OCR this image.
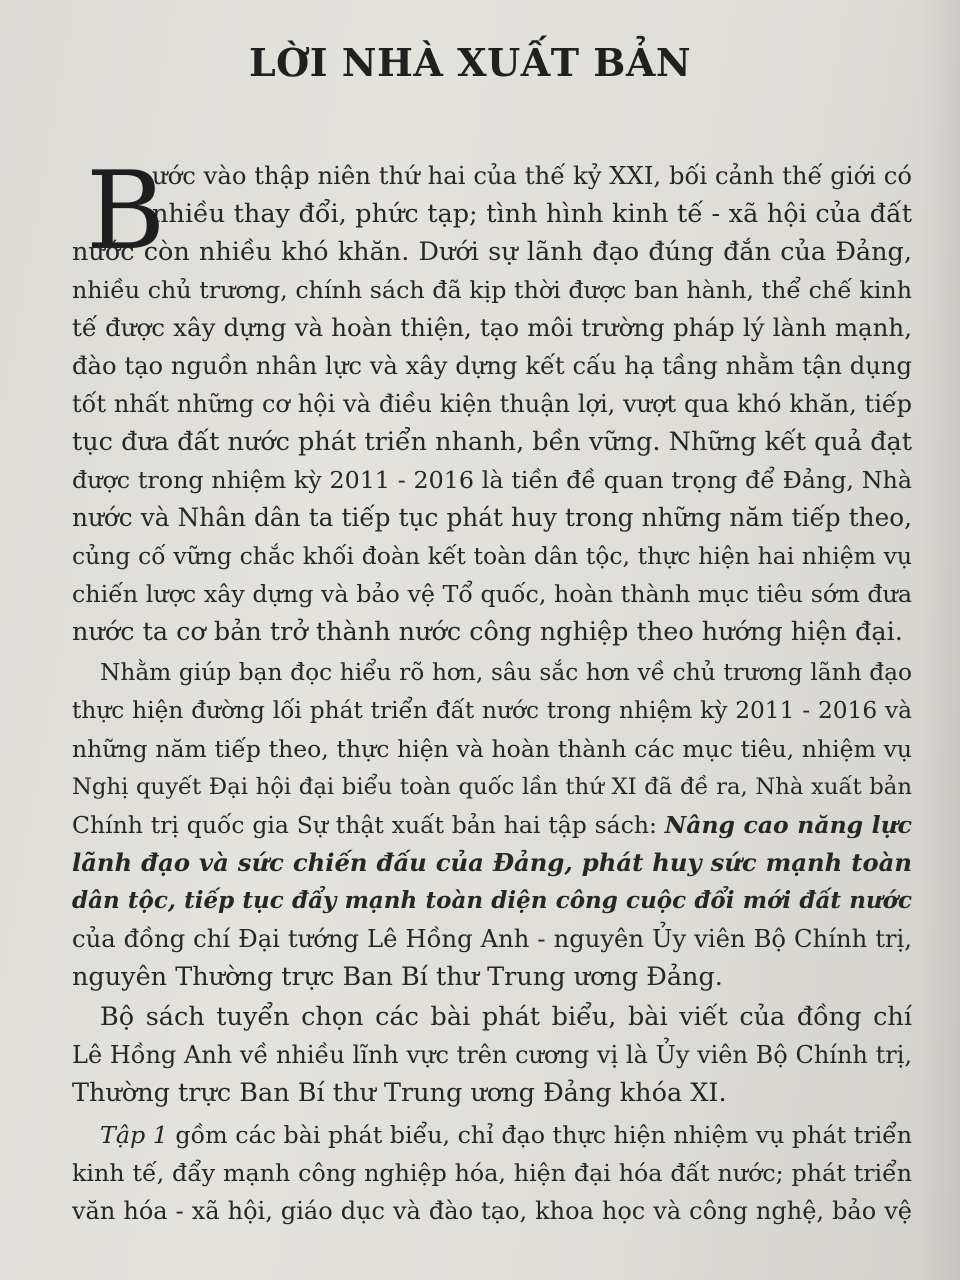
LỜI NHÀ XUẤT BẢN
B
ước vào thập niên thứ hai của thế kỷ XXI, bối cảnh thế giới có
nhiều thay đổi, phức tạp; tình hình kinh tế - xã hội của đất
nước còn nhiều khó khăn. Dưới sự lãnh đạo đúng đắn của Đảng,
nhiều chủ trương, chính sách đã kịp thời được ban hành, thể chế kinh
tế được xây dựng và hoàn thiện, tạo môi trường pháp lý lành mạnh,
đào tạo nguồn nhân lực và xây dựng kết cấu hạ tầng nhằm tận dụng
tốt nhất những cơ hội và điều kiện thuận lợi, vượt qua khó khăn, tiếp
tục đưa đất nước phát triển nhanh, bền vững. Những kết quả đạt
được trong nhiệm kỳ 2011 - 2016 là tiền đề quan trọng để Đảng, Nhà
nước và Nhân dân ta tiếp tục phát huy trong những năm tiếp theo,
củng cố vững chắc khối đoàn kết toàn dân tộc, thực hiện hai nhiệm vụ
chiến lược xây dựng và bảo vệ Tổ quốc, hoàn thành mục tiêu sớm đưa
nước ta cơ bản trở thành nước công nghiệp theo hướng hiện đại.
Nhằm giúp bạn đọc hiểu rõ hơn, sâu sắc hơn về chủ trương lãnh đạo
thực hiện đường lối phát triển đất nước trong nhiệm kỳ 2011 - 2016 và
những năm tiếp theo, thực hiện và hoàn thành các mục tiêu, nhiệm vụ
Nghị quyết Đại hội đại biểu toàn quốc lần thứ XI đã đề ra, Nhà xuất bản
Chính trị quốc gia Sự thật xuất bản hai tập sách: Nâng cao năng lực
lãnh đạo và sức chiến đấu của Đảng, phát huy sức mạnh toàn
dân tộc, tiếp tục đẩy mạnh toàn diện công cuộc đổi mới đất nước
của đồng chí Đại tướng Lê Hồng Anh - nguyên Ủy viên Bộ Chính trị,
nguyên Thường trực Ban Bí thư Trung ương Đảng.
Bộ sách tuyển chọn các bài phát biểu, bài viết của đồng chí
Lê Hồng Anh về nhiều lĩnh vực trên cương vị là Ủy viên Bộ Chính trị,
Thường trực Ban Bí thư Trung ương Đảng khóa XI.
Tập 1 gồm các bài phát biểu, chỉ đạo thực hiện nhiệm vụ phát triển
kinh tế, đẩy mạnh công nghiệp hóa, hiện đại hóa đất nước; phát triển
văn hóa - xã hội, giáo dục và đào tạo, khoa học và công nghệ, bảo vệ
